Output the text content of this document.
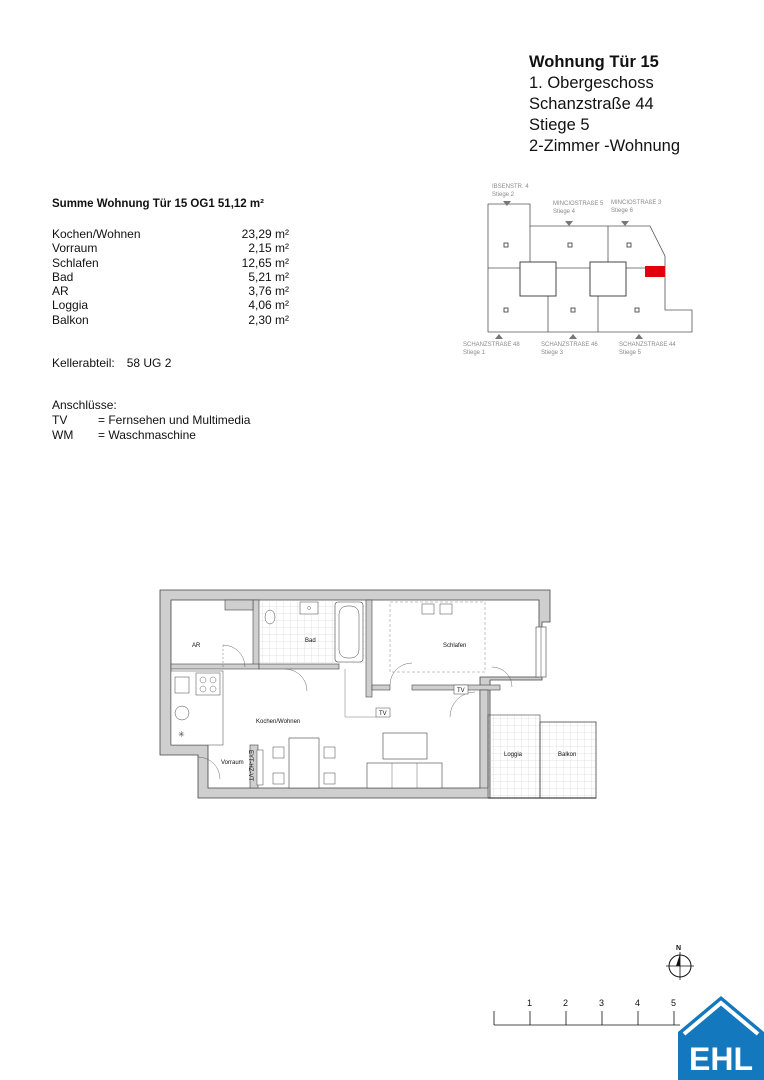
Wohnung Tür 15
1. Obergeschoss
Schanzstraße 44
Stiege 5
2-Zimmer -Wohnung
Summe Wohnung Tür 15 OG1 51,12 m²
Kochen/Wohnen	23,29 m²
Vorraum	2,15 m²
Schlafen	12,65 m²
Bad	5,21 m²
AR	3,76 m²
Loggia	4,06 m²
Balkon	2,30 m²
Kellerabteil: 58 UG 2
Anschlüsse:
TV	= Fernsehen und Multimedia
WM = Waschmaschine
IBSENSTR. 4
Stiege 2
MINCIOSTRAßE 5
Stiege 4
MINCIOSTRAßE 3
Stiege 6
SCHANZSTRAßE 48
Stiege 1
SCHANZSTRAßE 46
Stiege 3
SCHANZSTRAßE 44
Stiege 5
✳
TV
TV
EYT-HZ-VT
AR
Bad
Schlafen
Kochen/Wohnen
Vorraum
Loggia	Balkon
N
1	2	3	4	5
EHL
